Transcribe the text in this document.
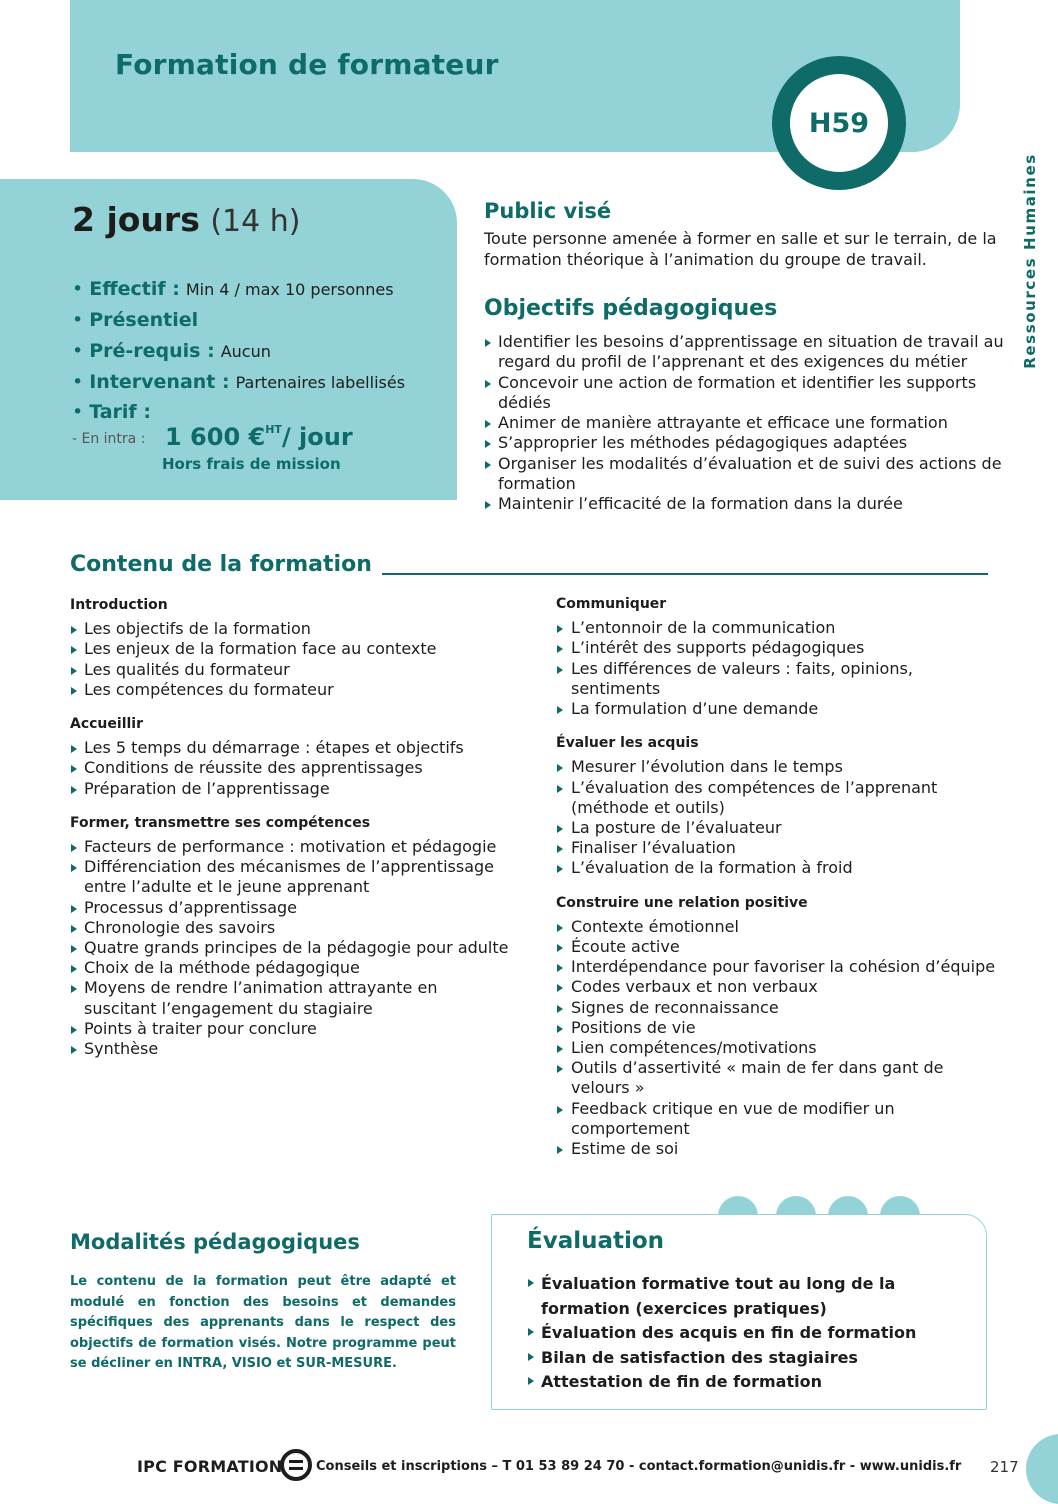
Formation de formateur
H59
Ressources Humaines
2 jours (14 h)
• Effectif : Min 4 / max 10 personnes
• Présentiel
• Pré-requis : Aucun
• Intervenant : Partenaires labellisés
• Tarif :
- En intra : 1 600 €$^{HT}$/ jour
Hors frais de mission
Public visé
Toute personne amenée à former en salle et sur le terrain, de la formation théorique à l’animation du groupe de travail.
Objectifs pédagogiques
Identifier les besoins d’apprentissage en situation de travail au regard du profil de l’apprenant et des exigences du métier
Concevoir une action de formation et identifier les supports dédiés
Animer de manière attrayante et efficace une formation
S’approprier les méthodes pédagogiques adaptées
Organiser les modalités d’évaluation et de suivi des actions de formation
Maintenir l’efficacité de la formation dans la durée
Contenu de la formation
Introduction
Les objectifs de la formation
Les enjeux de la formation face au contexte
Les qualités du formateur
Les compétences du formateur
Accueillir
Les 5 temps du démarrage : étapes et objectifs
Conditions de réussite des apprentissages
Préparation de l’apprentissage
Former, transmettre ses compétences
Facteurs de performance : motivation et pédagogie
Différenciation des mécanismes de l’apprentissage entre l’adulte et le jeune apprenant
Processus d’apprentissage
Chronologie des savoirs
Quatre grands principes de la pédagogie pour adulte
Choix de la méthode pédagogique
Moyens de rendre l’animation attrayante en suscitant l’engagement du stagiaire
Points à traiter pour conclure
Synthèse
Communiquer
L’entonnoir de la communication
L’intérêt des supports pédagogiques
Les différences de valeurs : faits, opinions, sentiments
La formulation d’une demande
Évaluer les acquis
Mesurer l’évolution dans le temps
L’évaluation des compétences de l’apprenant (méthode et outils)
La posture de l’évaluateur
Finaliser l’évaluation
L’évaluation de la formation à froid
Construire une relation positive
Contexte émotionnel
Écoute active
Interdépendance pour favoriser la cohésion d’équipe
Codes verbaux et non verbaux
Signes de reconnaissance
Positions de vie
Lien compétences/motivations
Outils d’assertivité « main de fer dans gant de velours »
Feedback critique en vue de modifier un comportement
Estime de soi
Modalités pédagogiques
Le contenu de la formation peut être adapté et modulé en fonction des besoins et demandes spécifiques des apprenants dans le respect des objectifs de formation visés. Notre programme peut se décliner en INTRA, VISIO et SUR-MESURE.
Évaluation
Évaluation formative tout au long de la formation (exercices pratiques)
Évaluation des acquis en fin de formation
Bilan de satisfaction des stagiaires
Attestation de fin de formation
IPC FORMATION	Conseils et inscriptions – T 01 53 89 24 70 - contact.formation@unidis.fr - www.unidis.fr 217
